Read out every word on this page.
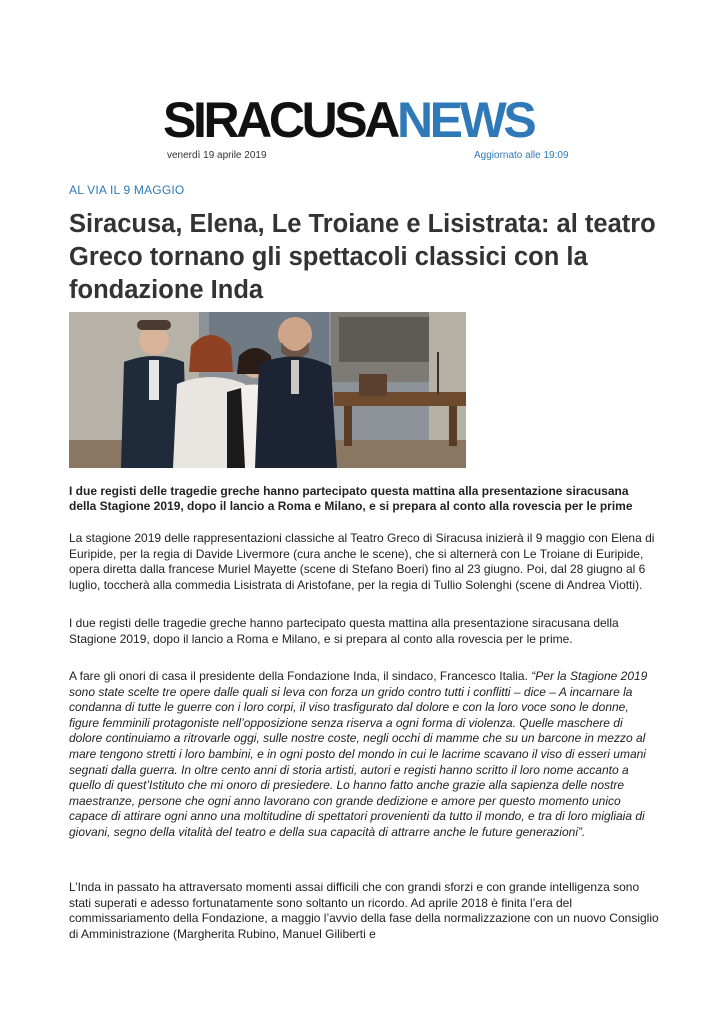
SIRACUSANEWS
venerdì 19 aprile 2019	Aggiornato alle 19:09
AL VIA IL 9 MAGGIO
Siracusa, Elena, Le Troiane e Lisistrata: al teatro Greco tornano gli spettacoli classici con la fondazione Inda

I due registi delle tragedie greche hanno partecipato questa mattina alla presentazione siracusana della Stagione 2019, dopo il lancio a Roma e Milano, e si prepara al conto alla rovescia per le prime

La stagione 2019 delle rappresentazioni classiche al Teatro Greco di Siracusa inizierà il 9 maggio con Elena di Euripide, per la regia di Davide Livermore (cura anche le scene), che si alternerà con Le Troiane di Euripide, opera diretta dalla francese Muriel Mayette (scene di Stefano Boeri) fino al 23 giugno. Poi, dal 28 giugno al 6 luglio, toccherà alla commedia Lisistrata di Aristofane, per la regia di Tullio Solenghi (scene di Andrea Viotti).

I due registi delle tragedie greche hanno partecipato questa mattina alla presentazione siracusana della Stagione 2019, dopo il lancio a Roma e Milano, e si prepara al conto alla rovescia per le prime.

A fare gli onori di casa il presidente della Fondazione Inda, il sindaco, Francesco Italia. “Per la Stagione 2019 sono state scelte tre opere dalle quali si leva con forza un grido contro tutti i conflitti – dice – A incarnare la condanna di tutte le guerre con i loro corpi, il viso trasfigurato dal dolore e con la loro voce sono le donne, figure femminili protagoniste nell’opposizione senza riserva a ogni forma di violenza. Quelle maschere di dolore continuiamo a ritrovarle oggi, sulle nostre coste, negli occhi di mamme che su un barcone in mezzo al mare tengono stretti i loro bambini, e in ogni posto del mondo in cui le lacrime scavano il viso di esseri umani segnati dalla guerra. In oltre cento anni di storia artisti, autori e registi hanno scritto il loro nome accanto a quello di quest’Istituto che mi onoro di presiedere. Lo hanno fatto anche grazie alla sapienza delle nostre maestranze, persone che ogni anno lavorano con grande dedizione e amore per questo momento unico capace di attirare ogni anno una moltitudine di spettatori provenienti da tutto il mondo, e tra di loro migliaia di giovani, segno della vitalità del teatro e della sua capacità di attrarre anche le future generazioni”.

L’Inda in passato ha attraversato momenti assai difficili che con grandi sforzi e con grande intelligenza sono stati superati e adesso fortunatamente sono soltanto un ricordo. Ad aprile 2018 è finita l’era del commissariamento della Fondazione, a maggio l’avvio della fase della normalizzazione con un nuovo Consiglio di Amministrazione (Margherita Rubino, Manuel Giliberti e
